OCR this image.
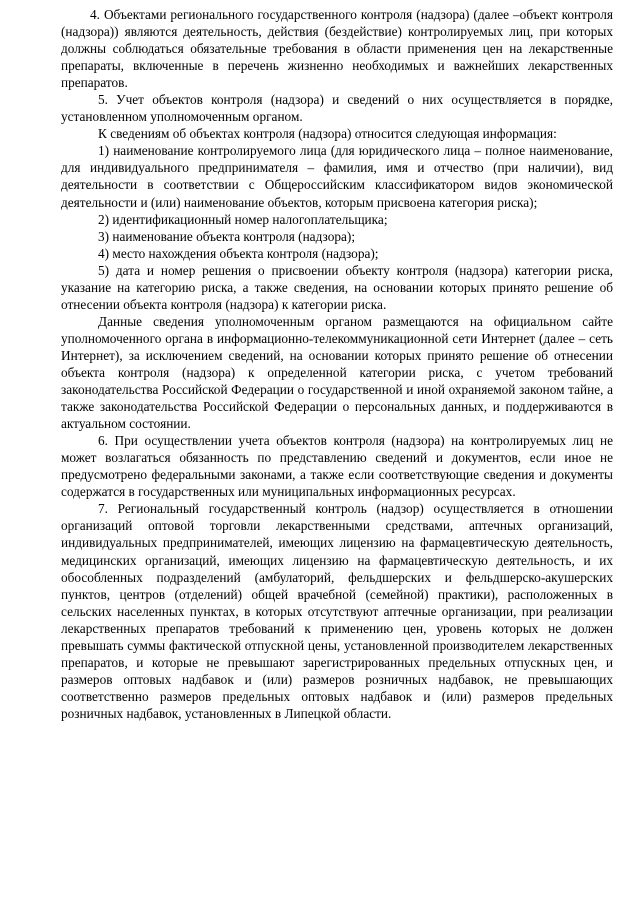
4. Объектами регионального государственного контроля (надзора) (далее –объект контроля (надзора)) являются деятельность, действия (бездействие) контролируемых лиц, при которых должны соблюдаться обязательные требования в области применения цен на лекарственные препараты, включенные в перечень жизненно необходимых и важнейших лекарственных препаратов.

5. Учет объектов контроля (надзора) и сведений о них осуществляется в порядке, установленном уполномоченным органом.

К сведениям об объектах контроля (надзора) относится следующая информация:

1) наименование контролируемого лица (для юридического лица – полное наименование, для индивидуального предпринимателя – фамилия, имя и отчество (при наличии), вид деятельности в соответствии с Общероссийским классификатором видов экономической деятельности и (или) наименование объектов, которым присвоена категория риска);

2) идентификационный номер налогоплательщика;

3) наименование объекта контроля (надзора);

4) место нахождения объекта контроля (надзора);

5) дата и номер решения о присвоении объекту контроля (надзора) категории риска, указание на категорию риска, а также сведения, на основании которых принято решение об отнесении объекта контроля (надзора) к категории риска.

Данные сведения уполномоченным органом размещаются на официальном сайте уполномоченного органа в информационно-телекоммуникационной сети Интернет (далее – сеть Интернет), за исключением сведений, на основании которых принято решение об отнесении объекта контроля (надзора) к определенной категории риска, с учетом требований законодательства Российской Федерации о государственной и иной охраняемой законом тайне, а также законодательства Российской Федерации о персональных данных, и поддерживаются в актуальном состоянии.

6. При осуществлении учета объектов контроля (надзора) на контролируемых лиц не может возлагаться обязанность по представлению сведений и документов, если иное не предусмотрено федеральными законами, а также если соответствующие сведения и документы содержатся в государственных или муниципальных информационных ресурсах.

7. Региональный государственный контроль (надзор) осуществляется в отношении организаций оптовой торговли лекарственными средствами, аптечных организаций, индивидуальных предпринимателей, имеющих лицензию на фармацевтическую деятельность, медицинских организаций, имеющих лицензию на фармацевтическую деятельность, и их обособленных подразделений (амбулаторий, фельдшерских и фельдшерско-акушерских пунктов, центров (отделений) общей врачебной (семейной) практики), расположенных в сельских населенных пунктах, в которых отсутствуют аптечные организации, при реализации лекарственных препаратов требований к применению цен, уровень которых не должен превышать суммы фактической отпускной цены, установленной производителем лекарственных препаратов, и которые не превышают зарегистрированных предельных отпускных цен, и размеров оптовых надбавок и (или) размеров розничных надбавок, не превышающих соответственно размеров предельных оптовых надбавок и (или) размеров предельных розничных надбавок, установленных в Липецкой области.
